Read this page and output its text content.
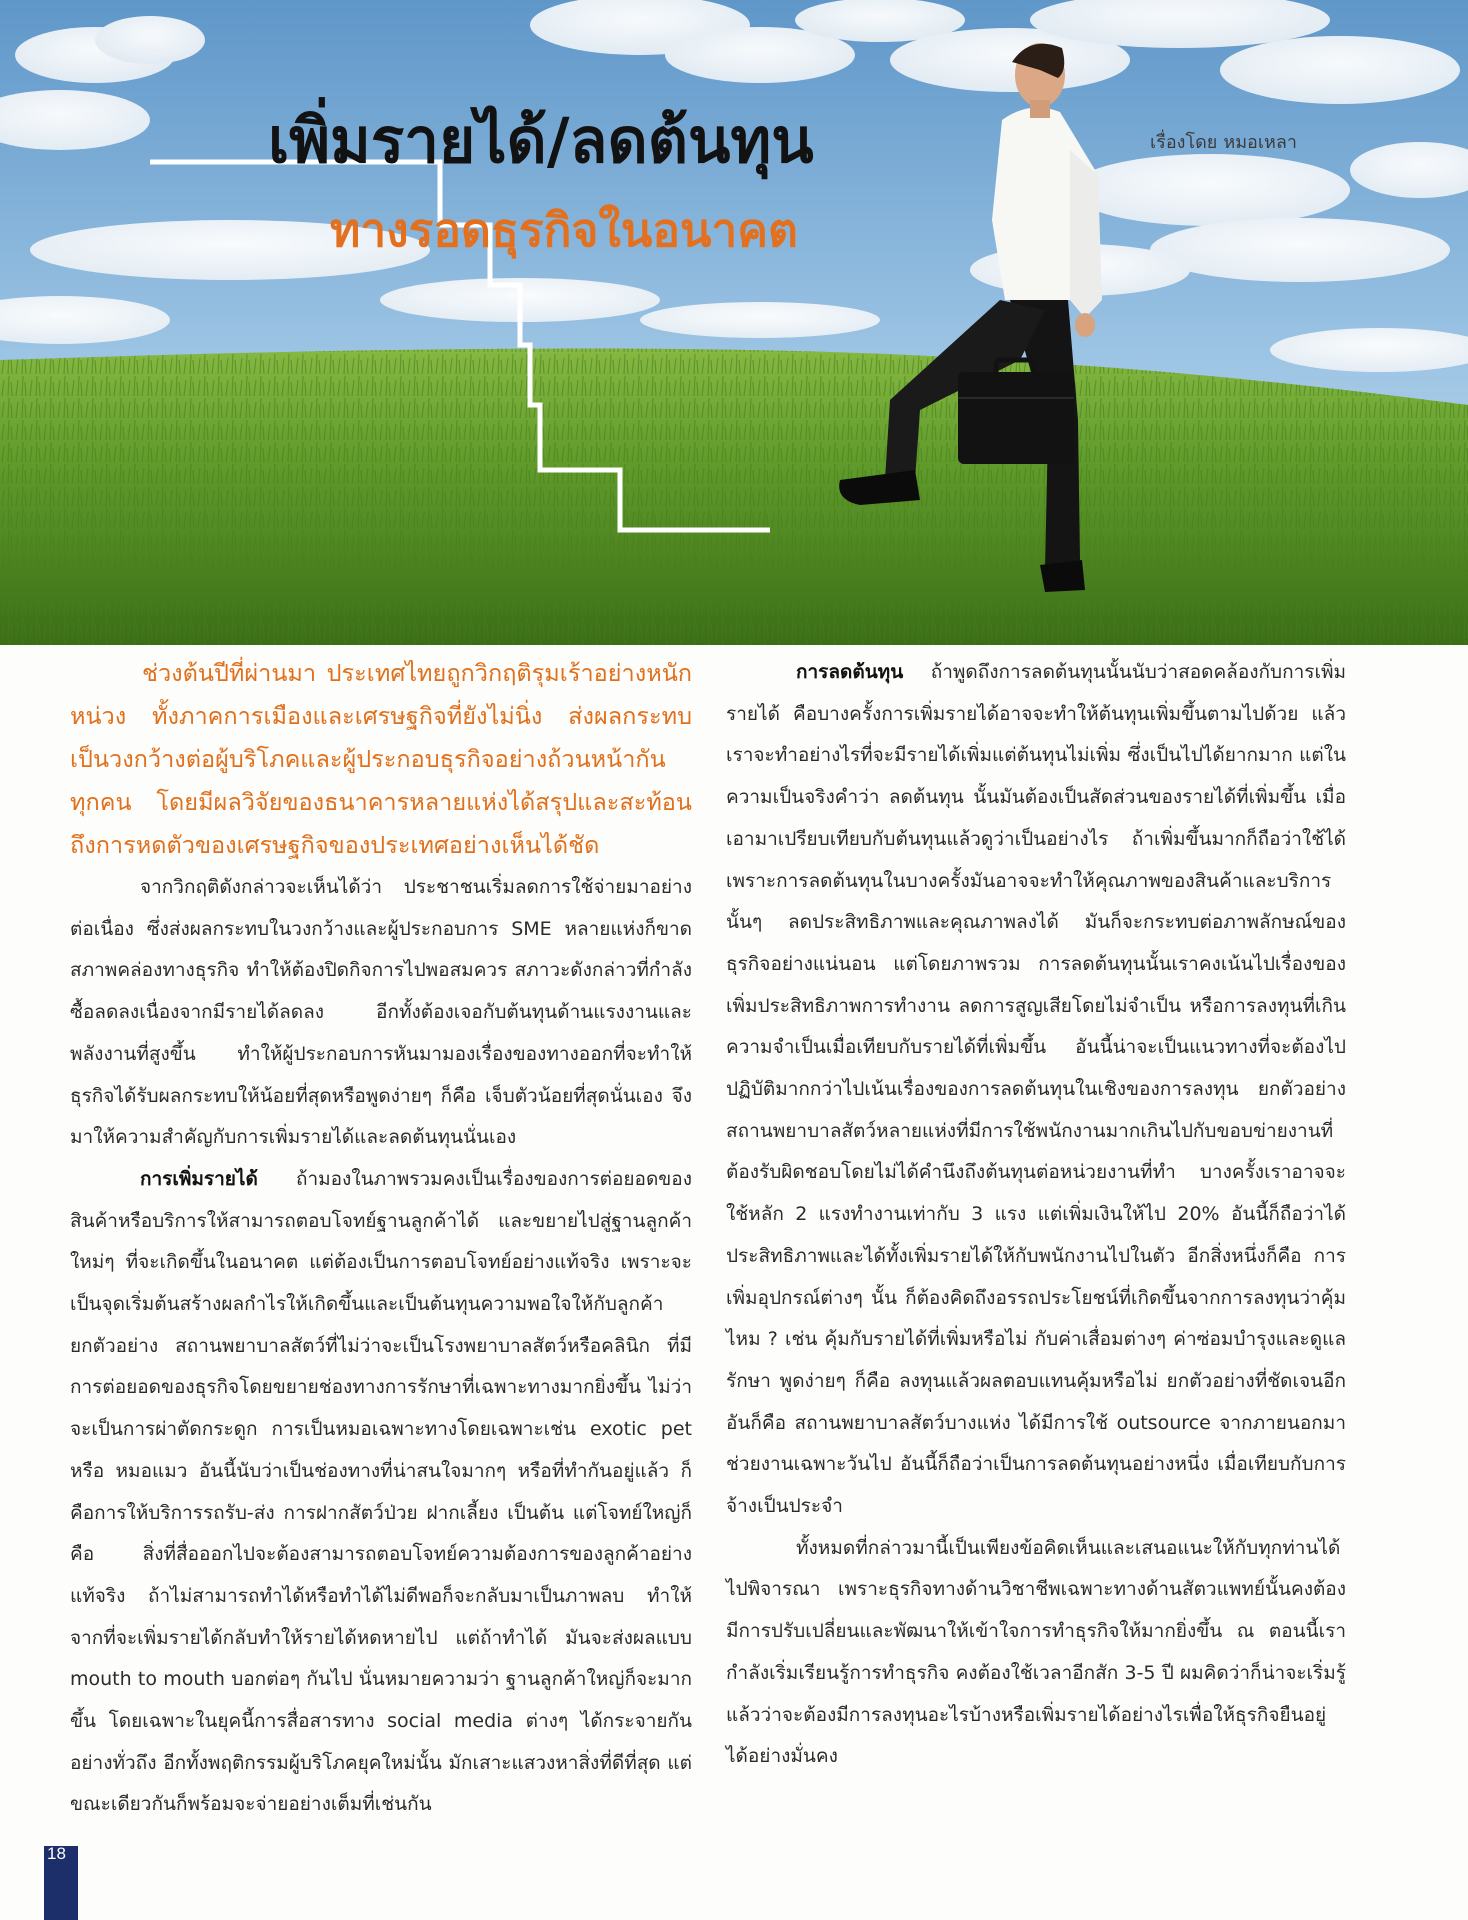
เพิ่มรายได้/ลดต้นทุน
ทางรอดธุรกิจในอนาคต
เรื่องโดย หมอเหลา

ช่วงต้นปีที่ผ่านมา ประเทศไทยถูกวิกฤติรุมเร้าอย่างหนักหน่วง ทั้งภาคการเมืองและเศรษฐกิจที่ยังไม่นิ่ง ส่งผลกระทบเป็นวงกว้างต่อผู้บริโภคและผู้ประกอบธุรกิจอย่างถ้วนหน้ากันทุกคน โดยมีผลวิจัยของธนาคารหลายแห่งได้สรุปและสะท้อนถึงการหดตัวของเศรษฐกิจของประเทศอย่างเห็นได้ชัด

จากวิกฤติดังกล่าวจะเห็นได้ว่า ประชาชนเริ่มลดการใช้จ่ายมาอย่างต่อเนื่อง ซึ่งส่งผลกระทบในวงกว้างและผู้ประกอบการ SME หลายแห่งก็ขาดสภาพคล่องทางธุรกิจ ทำให้ต้องปิดกิจการไปพอสมควร สภาวะดังกล่าวที่กำลังซื้อลดลงเนื่องจากมีรายได้ลดลง อีกทั้งต้องเจอกับต้นทุนด้านแรงงานและพลังงานที่สูงขึ้น ทำให้ผู้ประกอบการหันมามองเรื่องของทางออกที่จะทำให้ธุรกิจได้รับผลกระทบให้น้อยที่สุดหรือพูดง่ายๆ ก็คือ เจ็บตัวน้อยที่สุดนั่นเอง จึงมาให้ความสำคัญกับการเพิ่มรายได้และลดต้นทุนนั่นเอง

การเพิ่มรายได้ ถ้ามองในภาพรวมคงเป็นเรื่องของการต่อยอดของสินค้าหรือบริการให้สามารถตอบโจทย์ฐานลูกค้าได้ และขยายไปสู่ฐานลูกค้าใหม่ๆ ที่จะเกิดขึ้นในอนาคต แต่ต้องเป็นการตอบโจทย์อย่างแท้จริง เพราะจะเป็นจุดเริ่มต้นสร้างผลกำไรให้เกิดขึ้นและเป็นต้นทุนความพอใจให้กับลูกค้า ยกตัวอย่าง สถานพยาบาลสัตว์ที่ไม่ว่าจะเป็นโรงพยาบาลสัตว์หรือคลินิก ที่มีการต่อยอดของธุรกิจโดยขยายช่องทางการรักษาที่เฉพาะทางมากยิ่งขึ้น ไม่ว่าจะเป็นการผ่าตัดกระดูก การเป็นหมอเฉพาะทางโดยเฉพาะเช่น exotic pet หรือ หมอแมว อันนี้นับว่าเป็นช่องทางที่น่าสนใจมากๆ หรือที่ทำกันอยู่แล้ว ก็คือการให้บริการรถรับ-ส่ง การฝากสัตว์ป่วย ฝากเลี้ยง เป็นต้น แต่โจทย์ใหญ่ก็คือ สิ่งที่สื่อออกไปจะต้องสามารถตอบโจทย์ความต้องการของลูกค้าอย่างแท้จริง ถ้าไม่สามารถทำได้หรือทำได้ไม่ดีพอก็จะกลับมาเป็นภาพลบ ทำให้จากที่จะเพิ่มรายได้กลับทำให้รายได้หดหายไป แต่ถ้าทำได้ มันจะส่งผลแบบ mouth to mouth บอกต่อๆ กันไป นั่นหมายความว่า ฐานลูกค้าใหญ่ก็จะมากขึ้น โดยเฉพาะในยุคนี้การสื่อสารทาง social media ต่างๆ ได้กระจายกันอย่างทั่วถึง อีกทั้งพฤติกรรมผู้บริโภคยุคใหม่นั้น มักเสาะแสวงหาสิ่งที่ดีที่สุด แต่ขณะเดียวกันก็พร้อมจะจ่ายอย่างเต็มที่เช่นกัน

การลดต้นทุน ถ้าพูดถึงการลดต้นทุนนั้นนับว่าสอดคล้องกับการเพิ่มรายได้ คือบางครั้งการเพิ่มรายได้อาจจะทำให้ต้นทุนเพิ่มขึ้นตามไปด้วย แล้วเราจะทำอย่างไรที่จะมีรายได้เพิ่มแต่ต้นทุนไม่เพิ่ม ซึ่งเป็นไปได้ยากมาก แต่ในความเป็นจริงคำว่า ลดต้นทุน นั้นมันต้องเป็นสัดส่วนของรายได้ที่เพิ่มขึ้น เมื่อเอามาเปรียบเทียบกับต้นทุนแล้วดูว่าเป็นอย่างไร ถ้าเพิ่มขึ้นมากก็ถือว่าใช้ได้ เพราะการลดต้นทุนในบางครั้งมันอาจจะทำให้คุณภาพของสินค้าและบริการนั้นๆ ลดประสิทธิภาพและคุณภาพลงได้ มันก็จะกระทบต่อภาพลักษณ์ของธุรกิจอย่างแน่นอน แต่โดยภาพรวม การลดต้นทุนนั้นเราคงเน้นไปเรื่องของเพิ่มประสิทธิภาพการทำงาน ลดการสูญเสียโดยไม่จำเป็น หรือการลงทุนที่เกินความจำเป็นเมื่อเทียบกับรายได้ที่เพิ่มขึ้น อันนี้น่าจะเป็นแนวทางที่จะต้องไปปฏิบัติมากกว่าไปเน้นเรื่องของการลดต้นทุนในเชิงของการลงทุน ยกตัวอย่าง สถานพยาบาลสัตว์หลายแห่งที่มีการใช้พนักงานมากเกินไปกับขอบข่ายงานที่ต้องรับผิดชอบโดยไม่ได้คำนึงถึงต้นทุนต่อหน่วยงานที่ทำ บางครั้งเราอาจจะใช้หลัก 2 แรงทำงานเท่ากับ 3 แรง แต่เพิ่มเงินให้ไป 20% อันนี้ก็ถือว่าได้ประสิทธิภาพและได้ทั้งเพิ่มรายได้ให้กับพนักงานไปในตัว อีกสิ่งหนึ่งก็คือ การเพิ่มอุปกรณ์ต่างๆ นั้น ก็ต้องคิดถึงอรรถประโยชน์ที่เกิดขึ้นจากการลงทุนว่าคุ้มไหม ? เช่น คุ้มกับรายได้ที่เพิ่มหรือไม่ กับค่าเสื่อมต่างๆ ค่าซ่อมบำรุงและดูแลรักษา พูดง่ายๆ ก็คือ ลงทุนแล้วผลตอบแทนคุ้มหรือไม่ ยกตัวอย่างที่ชัดเจนอีกอันก็คือ สถานพยาบาลสัตว์บางแห่ง ได้มีการใช้ outsource จากภายนอกมาช่วยงานเฉพาะวันไป อันนี้ก็ถือว่าเป็นการลดต้นทุนอย่างหนึ่ง เมื่อเทียบกับการจ้างเป็นประจำ

ทั้งหมดที่กล่าวมานี้เป็นเพียงข้อคิดเห็นและเสนอแนะให้กับทุกท่านได้ไปพิจารณา เพราะธุรกิจทางด้านวิชาชีพเฉพาะทางด้านสัตวแพทย์นั้นคงต้องมีการปรับเปลี่ยนและพัฒนาให้เข้าใจการทำธุรกิจให้มากยิ่งขึ้น ณ ตอนนี้เรากำลังเริ่มเรียนรู้การทำธุรกิจ คงต้องใช้เวลาอีกสัก 3-5 ปี ผมคิดว่าก็น่าจะเริ่มรู้แล้วว่าจะต้องมีการลงทุนอะไรบ้างหรือเพิ่มรายได้อย่างไรเพื่อให้ธุรกิจยืนอยู่ได้อย่างมั่นคง

18
